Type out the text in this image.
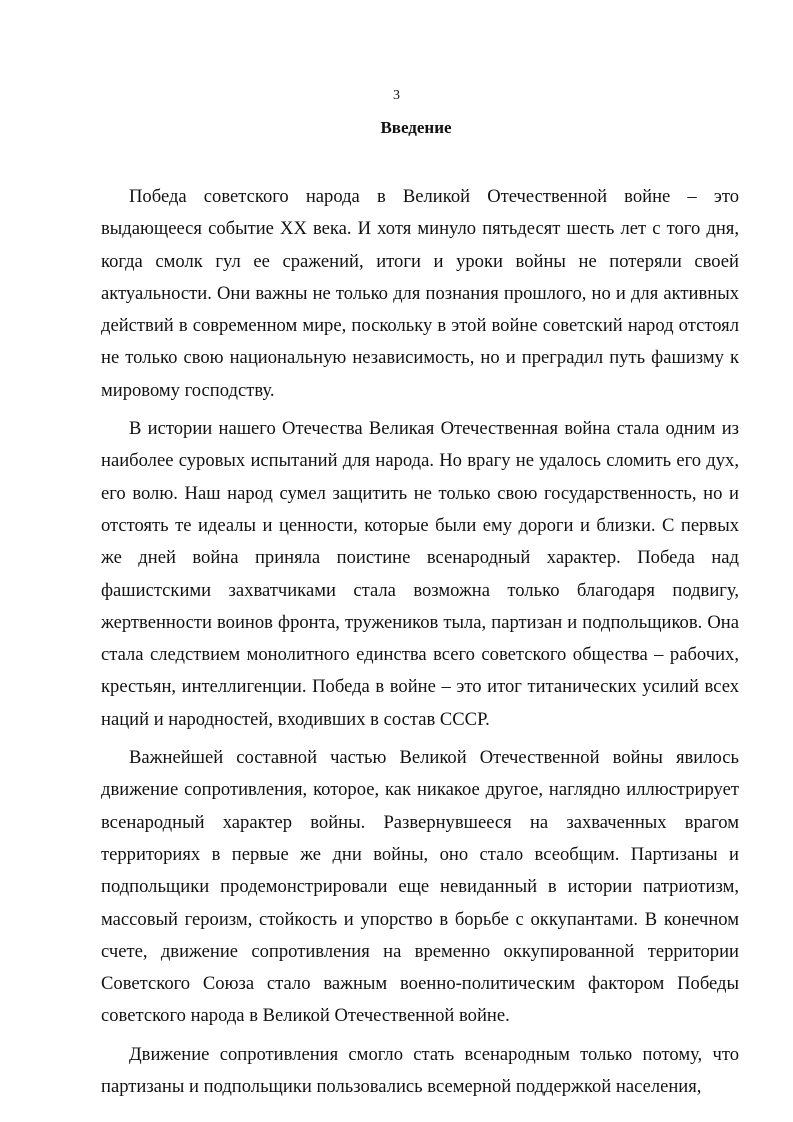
3
Введение

Победа советского народа в Великой Отечественной войне – это выдающееся событие XX века. И хотя минуло пятьдесят шесть лет с того дня, когда смолк гул ее сражений, итоги и уроки войны не потеряли своей актуальности. Они важны не только для познания прошлого, но и для активных действий в современном мире, поскольку в этой войне советский народ отстоял не только свою национальную независимость, но и преградил путь фашизму к мировому господству.

В истории нашего Отечества Великая Отечественная война стала одним из наиболее суровых испытаний для народа. Но врагу не удалось сломить его дух, его волю. Наш народ сумел защитить не только свою государственность, но и отстоять те идеалы и ценности, которые были ему дороги и близки. С первых же дней война приняла поистине всенародный характер. Победа над фашистскими захватчиками стала возможна только благодаря подвигу, жертвенности воинов фронта, тружеников тыла, партизан и подпольщиков. Она стала следствием монолитного единства всего советского общества – рабочих, крестьян, интеллигенции. Победа в войне – это итог титанических усилий всех наций и народностей, входивших в состав СССР.

Важнейшей составной частью Великой Отечественной войны явилось движение сопротивления, которое, как никакое другое, наглядно иллюстрирует всенародный характер войны. Развернувшееся на захваченных врагом территориях в первые же дни войны, оно стало всеобщим. Партизаны и подпольщики продемонстрировали еще невиданный в истории патриотизм, массовый героизм, стойкость и упорство в борьбе с оккупантами. В конечном счете, движение сопротивления на временно оккупированной территории Советского Союза стало важным военно-политическим фактором Победы советского народа в Великой Отечественной войне.

Движение сопротивления смогло стать всенародным только потому, что партизаны и подпольщики пользовались всемерной поддержкой населения,
